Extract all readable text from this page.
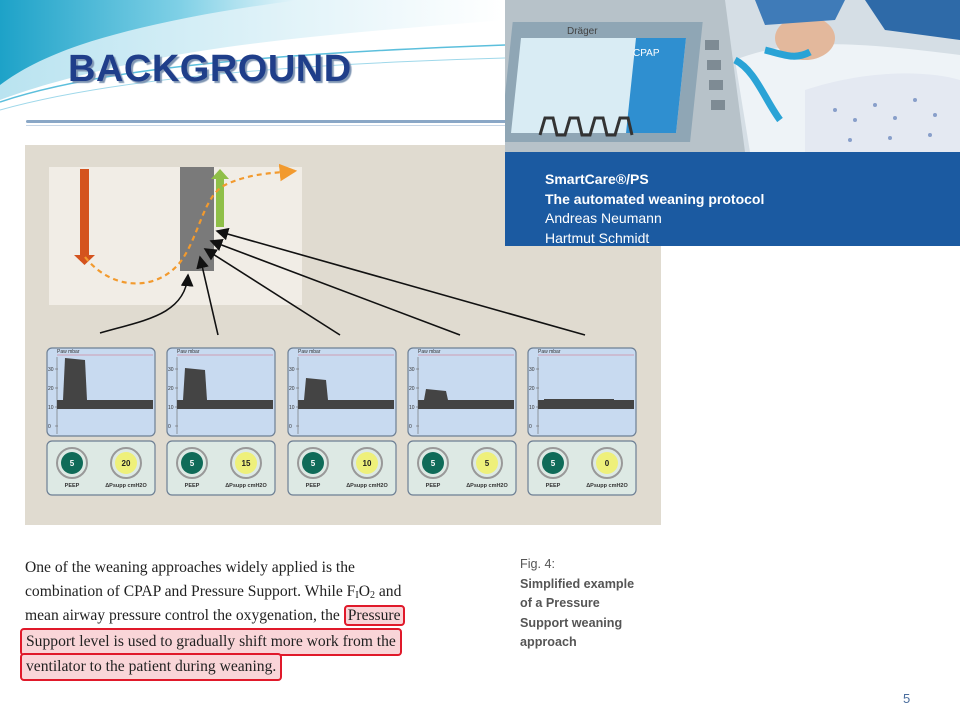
BACKGROUND
Paw mbar
30
20
10
0
5	20
PEEP	ΔPsupp cmH2O
Paw mbar
30
20
10
0
5	15
PEEP	ΔPsupp cmH2O
Paw mbar
30
20
10
0
5	10
PEEP	ΔPsupp cmH2O
Paw mbar
30
20
10
0
5	5
PEEP	ΔPsupp cmH2O
Paw mbar
30
20
10
0
5	0
PEEP	ΔPsupp cmH2O
One of the weaning approaches widely applied is the
combination of CPAP and Pressure Support. While FIO2 and
mean airway pressure control the oxygenation, the Pressure
Support level is used to gradually shift more work from the
ventilator to the patient during weaning.
Fig. 4:
Simplified example
of a Pressure
Support weaning
approach
Dräger
CPAP
SmartCare®/PS
The automated weaning protocol
Andreas Neumann
Hartmut Schmidt
5
